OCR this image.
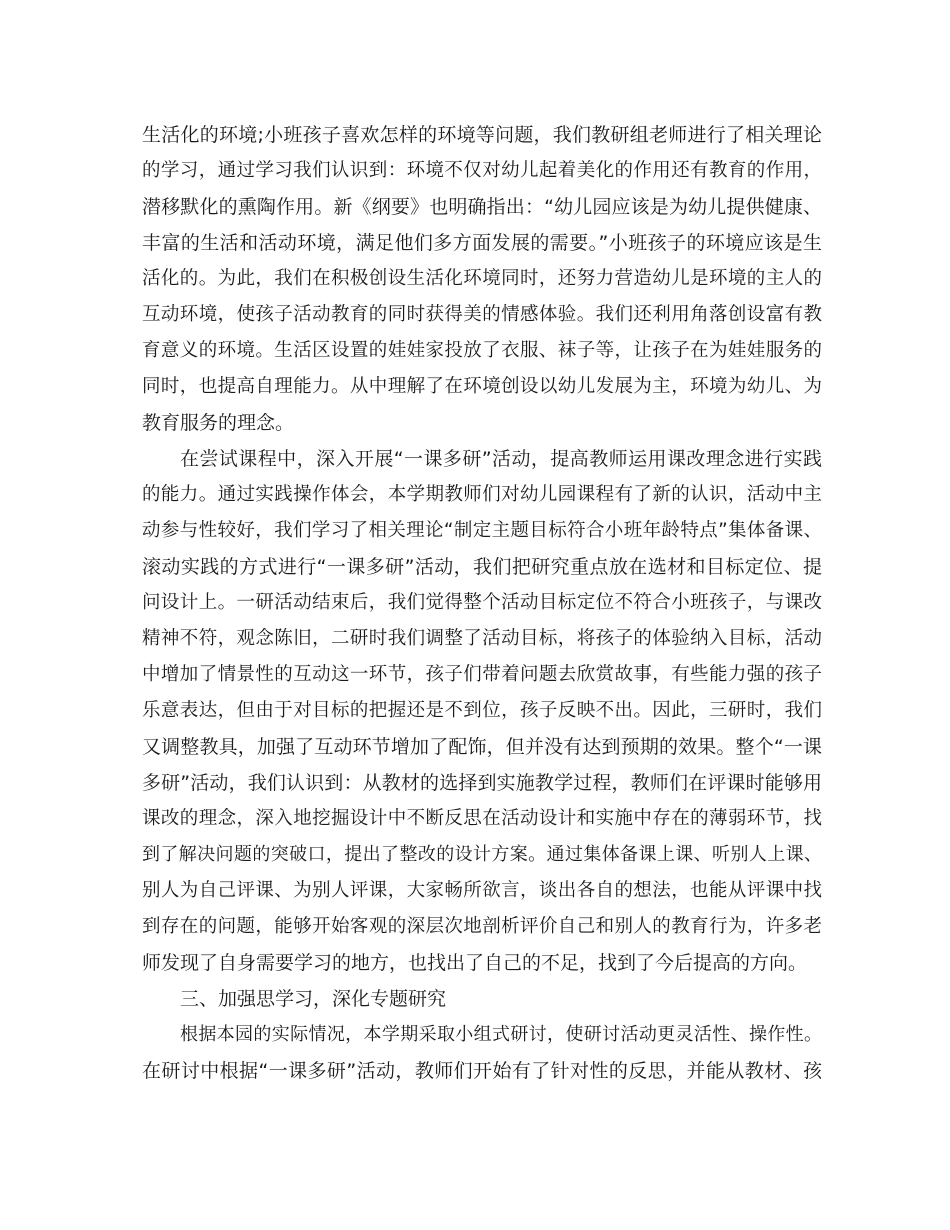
生活化的环境;小班孩子喜欢怎样的环境等问题，我们教研组老师进行了相关理论
的学习，通过学习我们认识到：环境不仅对幼儿起着美化的作用还有教育的作用，
潜移默化的熏陶作用。新《纲要》也明确指出：“幼儿园应该是为幼儿提供健康、
丰富的生活和活动环境，满足他们多方面发展的需要。”小班孩子的环境应该是生
活化的。为此，我们在积极创设生活化环境同时，还努力营造幼儿是环境的主人的
互动环境，使孩子活动教育的同时获得美的情感体验。我们还利用角落创设富有教
育意义的环境。生活区设置的娃娃家投放了衣服、袜子等，让孩子在为娃娃服务的
同时，也提高自理能力。从中理解了在环境创设以幼儿发展为主，环境为幼儿、为
教育服务的理念。
在尝试课程中，深入开展“一课多研”活动，提高教师运用课改理念进行实践
的能力。通过实践操作体会，本学期教师们对幼儿园课程有了新的认识，活动中主
动参与性较好，我们学习了相关理论“制定主题目标符合小班年龄特点”集体备课、
滚动实践的方式进行“一课多研”活动，我们把研究重点放在选材和目标定位、提
问设计上。一研活动结束后，我们觉得整个活动目标定位不符合小班孩子，与课改
精神不符，观念陈旧，二研时我们调整了活动目标，将孩子的体验纳入目标，活动
中增加了情景性的互动这一环节，孩子们带着问题去欣赏故事，有些能力强的孩子
乐意表达，但由于对目标的把握还是不到位，孩子反映不出。因此，三研时，我们
又调整教具，加强了互动环节增加了配饰，但并没有达到预期的效果。整个“一课
多研”活动，我们认识到：从教材的选择到实施教学过程，教师们在评课时能够用
课改的理念，深入地挖掘设计中不断反思在活动设计和实施中存在的薄弱环节，找
到了解决问题的突破口，提出了整改的设计方案。通过集体备课上课、听别人上课、
别人为自己评课、为别人评课，大家畅所欲言，谈出各自的想法，也能从评课中找
到存在的问题，能够开始客观的深层次地剖析评价自己和别人的教育行为，许多老
师发现了自身需要学习的地方，也找出了自己的不足，找到了今后提高的方向。
三、加强思学习，深化专题研究
根据本园的实际情况，本学期采取小组式研讨，使研讨活动更灵活性、操作性。
在研讨中根据“一课多研”活动，教师们开始有了针对性的反思，并能从教材、孩
